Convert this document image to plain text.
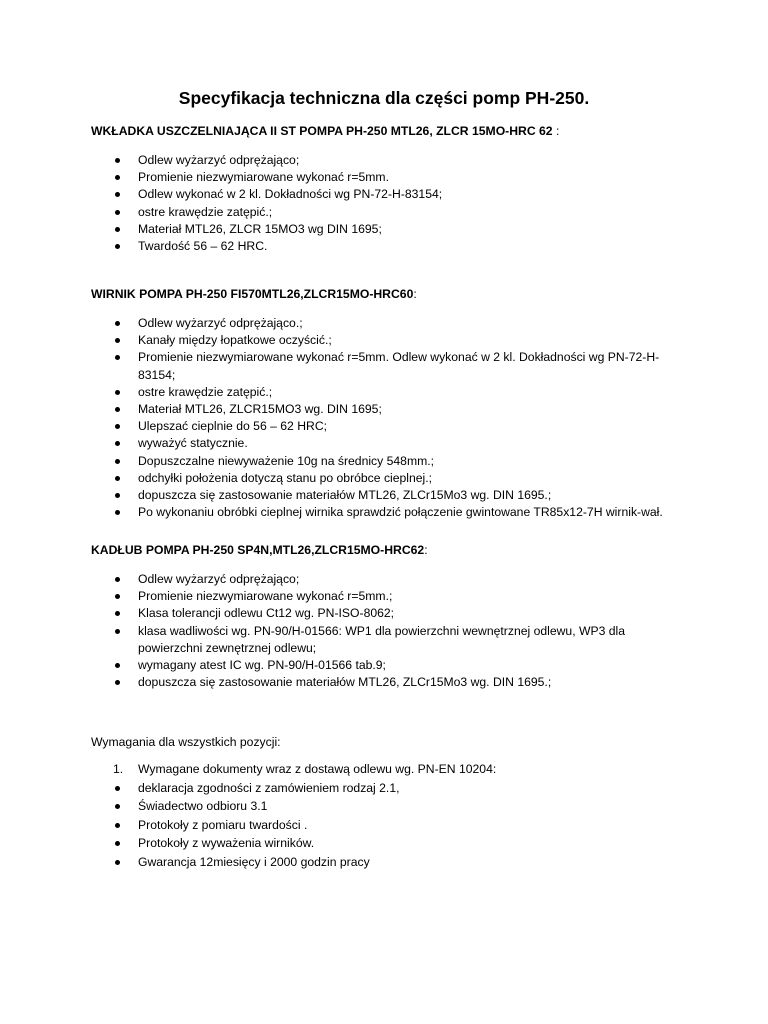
Specyfikacja techniczna dla części pomp PH-250.

WKŁADKA USZCZELNIAJĄCA II ST POMPA PH-250 MTL26, ZLCR 15MO-HRC 62 :

Odlew wyżarzyć odprężająco;
Promienie niezwymiarowane wykonać r=5mm.
Odlew wykonać w 2 kl. Dokładności wg PN-72-H-83154;
ostre krawędzie zatępić.;
Materiał MTL26, ZLCR 15MO3 wg DIN 1695;
Twardość 56 – 62 HRC.

WIRNIK POMPA PH-250 FI570MTL26,ZLCR15MO-HRC60:

Odlew wyżarzyć odprężająco.;
Kanały między łopatkowe oczyścić.;
Promienie niezwymiarowane wykonać r=5mm. Odlew wykonać w 2 kl. Dokładności wg PN-72-H-83154;
ostre krawędzie zatępić.;
Materiał MTL26, ZLCR15MO3 wg. DIN 1695;
Ulepszać cieplnie do 56 – 62 HRC;
wyważyć statycznie.
Dopuszczalne niewyważenie 10g na średnicy 548mm.;
odchyłki położenia dotyczą stanu po obróbce cieplnej.;
dopuszcza się zastosowanie materiałów MTL26, ZLCr15Mo3 wg. DIN 1695.;
Po wykonaniu obróbki cieplnej wirnika sprawdzić połączenie gwintowane TR85x12-7H wirnik-wał.

KADŁUB POMPA PH-250 SP4N,MTL26,ZLCR15MO-HRC62:

Odlew wyżarzyć odprężająco;
Promienie niezwymiarowane wykonać r=5mm.;
Klasa tolerancji odlewu Ct12 wg. PN-ISO-8062;
klasa wadliwości wg. PN-90/H-01566: WP1 dla powierzchni wewnętrznej odlewu, WP3 dla powierzchni zewnętrznej odlewu;
wymagany atest IC wg. PN-90/H-01566 tab.9;
dopuszcza się zastosowanie materiałów MTL26, ZLCr15Mo3 wg. DIN 1695.;

Wymagania dla wszystkich pozycji:

1. Wymagane dokumenty wraz z dostawą odlewu wg. PN-EN 10204:
deklaracja zgodności z zamówieniem rodzaj 2.1,
Świadectwo odbioru 3.1
Protokoły z pomiaru twardości .
Protokoły z wyważenia wirników.
Gwarancja 12miesięcy i 2000 godzin pracy
